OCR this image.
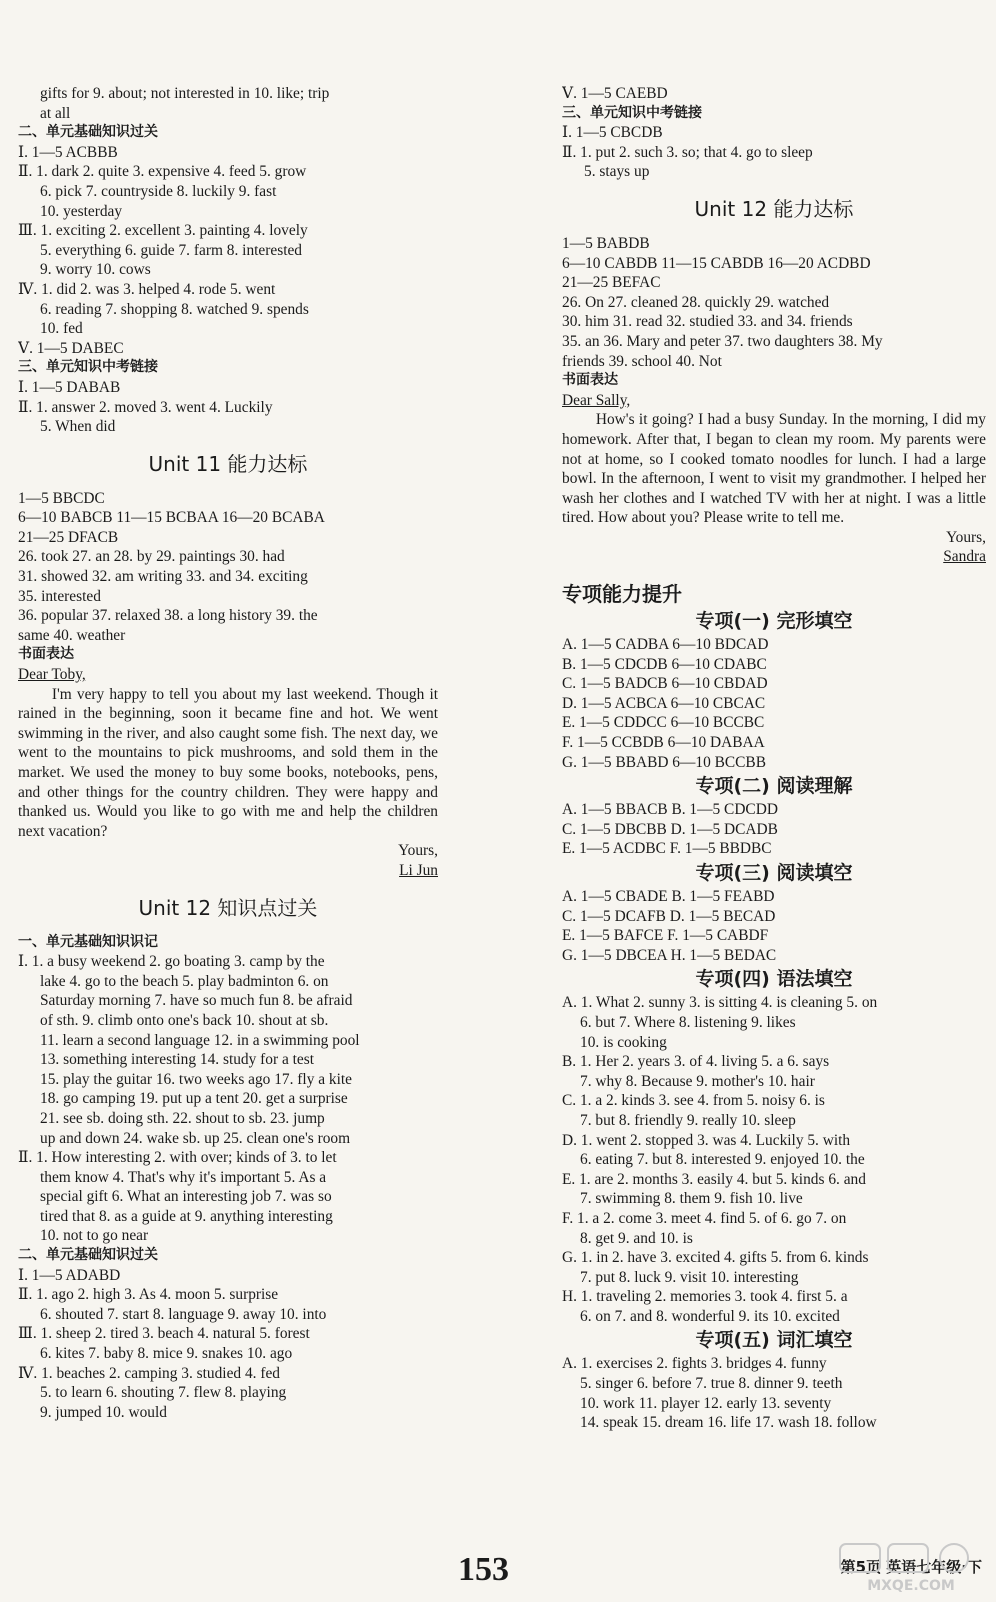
gifts for 9. about; not interested in 10. like; trip
at all
二、单元基础知识过关
Ⅰ. 1—5 ACBBB
Ⅱ. 1. dark 2. quite 3. expensive 4. feed 5. grow
6. pick 7. countryside 8. luckily 9. fast
10. yesterday
Ⅲ. 1. exciting 2. excellent 3. painting 4. lovely
5. everything 6. guide 7. farm 8. interested
9. worry 10. cows
Ⅳ. 1. did 2. was 3. helped 4. rode 5. went
6. reading 7. shopping 8. watched 9. spends
10. fed
Ⅴ. 1—5 DABEC
三、单元知识中考链接
Ⅰ. 1—5 DABAB
Ⅱ. 1. answer 2. moved 3. went 4. Luckily
5. When did
Unit 11 能力达标
1—5 BBCDC
6—10 BABCB 11—15 BCBAA 16—20 BCABA
21—25 DFACB
26. took 27. an 28. by 29. paintings 30. had
31. showed 32. am writing 33. and 34. exciting
35. interested
36. popular 37. relaxed 38. a long history 39. the
same 40. weather
书面表达
Dear Toby,
I'm very happy to tell you about my last weekend. Though it rained in the beginning, soon it became fine and hot. We went swimming in the river, and also caught some fish. The next day, we went to the mountains to pick mushrooms, and sold them in the market. We used the money to buy some books, notebooks, pens, and other things for the country children. They were happy and thanked us. Would you like to go with me and help the children next vacation?
Yours,
Li Jun
Unit 12 知识点过关
一、单元基础知识识记
Ⅰ. 1. a busy weekend 2. go boating 3. camp by the
lake 4. go to the beach 5. play badminton 6. on
Saturday morning 7. have so much fun 8. be afraid
of sth. 9. climb onto one's back 10. shout at sb.
11. learn a second language 12. in a swimming pool
13. something interesting 14. study for a test
15. play the guitar 16. two weeks ago 17. fly a kite
18. go camping 19. put up a tent 20. get a surprise
21. see sb. doing sth. 22. shout to sb. 23. jump
up and down 24. wake sb. up 25. clean one's room
Ⅱ. 1. How interesting 2. with over; kinds of 3. to let
them know 4. That's why it's important 5. As a
special gift 6. What an interesting job 7. was so
tired that 8. as a guide at 9. anything interesting
10. not to go near
二、单元基础知识过关
Ⅰ. 1—5 ADABD
Ⅱ. 1. ago 2. high 3. As 4. moon 5. surprise
6. shouted 7. start 8. language 9. away 10. into
Ⅲ. 1. sheep 2. tired 3. beach 4. natural 5. forest
6. kites 7. baby 8. mice 9. snakes 10. ago
Ⅳ. 1. beaches 2. camping 3. studied 4. fed
5. to learn 6. shouting 7. flew 8. playing
9. jumped 10. would
Ⅴ. 1—5 CAEBD
三、单元知识中考链接
Ⅰ. 1—5 CBCDB
Ⅱ. 1. put 2. such 3. so; that 4. go to sleep
5. stays up
Unit 12 能力达标
1—5 BABDB
6—10 CABDB 11—15 CABDB 16—20 ACDBD
21—25 BEFAC
26. On 27. cleaned 28. quickly 29. watched
30. him 31. read 32. studied 33. and 34. friends
35. an 36. Mary and peter 37. two daughters 38. My
friends 39. school 40. Not
书面表达
Dear Sally,
How's it going? I had a busy Sunday. In the morning, I did my homework. After that, I began to clean my room. My parents were not at home, so I cooked tomato noodles for lunch. I had a large bowl. In the afternoon, I went to visit my grandmother. I helped her wash her clothes and I watched TV with her at night. I was a little tired. How about you? Please write to tell me.
Yours,
Sandra
专项能力提升
专项(一) 完形填空
A. 1—5 CADBA 6—10 BDCAD
B. 1—5 CDCDB 6—10 CDABC
C. 1—5 BADCB 6—10 CBDAD
D. 1—5 ACBCA 6—10 CBCAC
E. 1—5 CDDCC 6—10 BCCBC
F. 1—5 CCBDB 6—10 DABAA
G. 1—5 BBABD 6—10 BCCBB
专项(二) 阅读理解
A. 1—5 BBACB B. 1—5 CDCDD
C. 1—5 DBCBB D. 1—5 DCADB
E. 1—5 ACDBC F. 1—5 BBDBC
专项(三) 阅读填空
A. 1—5 CBADE B. 1—5 FEABD
C. 1—5 DCAFB D. 1—5 BECAD
E. 1—5 BAFCE F. 1—5 CABDF
G. 1—5 DBCEA H. 1—5 BEDAC
专项(四) 语法填空
A. 1. What 2. sunny 3. is sitting 4. is cleaning 5. on
6. but 7. Where 8. listening 9. likes
10. is cooking
B. 1. Her 2. years 3. of 4. living 5. a 6. says
7. why 8. Because 9. mother's 10. hair
C. 1. a 2. kinds 3. see 4. from 5. noisy 6. is
7. but 8. friendly 9. really 10. sleep
D. 1. went 2. stopped 3. was 4. Luckily 5. with
6. eating 7. but 8. interested 9. enjoyed 10. the
E. 1. are 2. months 3. easily 4. but 5. kinds 6. and
7. swimming 8. them 9. fish 10. live
F. 1. a 2. come 3. meet 4. find 5. of 6. go 7. on
8. get 9. and 10. is
G. 1. in 2. have 3. excited 4. gifts 5. from 6. kinds
7. put 8. luck 9. visit 10. interesting
H. 1. traveling 2. memories 3. took 4. first 5. a
6. on 7. and 8. wonderful 9. its 10. excited
专项(五) 词汇填空
A. 1. exercises 2. fights 3. bridges 4. funny
5. singer 6. before 7. true 8. dinner 9. teeth
10. work 11. player 12. early 13. seventy
14. speak 15. dream 16. life 17. wash 18. follow
153	第5页 英语七年级·下
MXQE.COM
